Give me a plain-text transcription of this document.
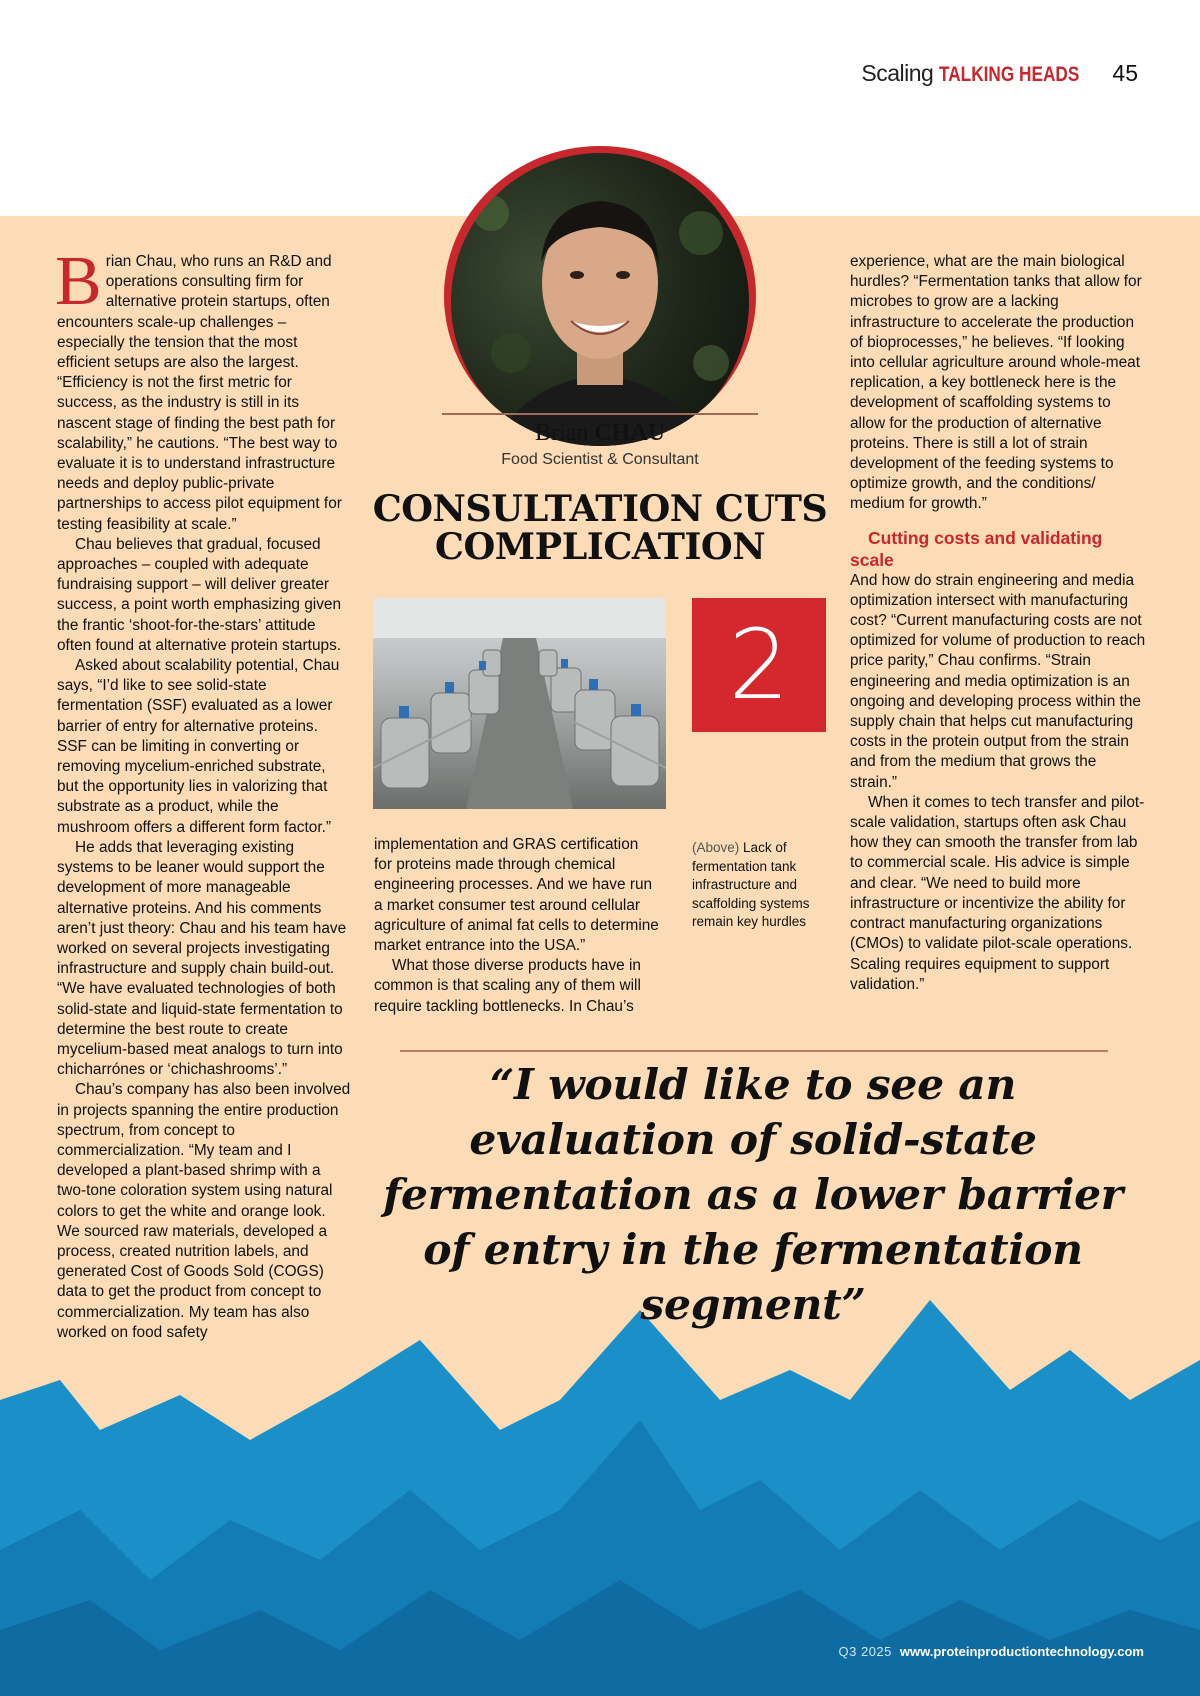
Scaling TALKING HEADS 45

Brian Chau, who runs an R&D and operations consulting firm for alternative protein startups, often encounters scale-up challenges – especially the tension that the most efficient setups are also the largest. “Efficiency is not the first metric for success, as the industry is still in its nascent stage of finding the best path for scalability,” he cautions. “The best way to evaluate it is to understand infrastructure needs and deploy public-private partnerships to access pilot equipment for testing feasibility at scale.”

Chau believes that gradual, focused approaches – coupled with adequate fundraising support – will deliver greater success, a point worth emphasizing given the frantic ‘shoot-for-the-stars’ attitude often found at alternative protein startups.

Asked about scalability potential, Chau says, “I’d like to see solid-state fermentation (SSF) evaluated as a lower barrier of entry for alternative proteins. SSF can be limiting in converting or removing mycelium-enriched substrate, but the opportunity lies in valorizing that substrate as a product, while the mushroom offers a different form factor.”

He adds that leveraging existing systems to be leaner would support the development of more manageable alternative proteins. And his comments aren’t just theory: Chau and his team have worked on several projects investigating infrastructure and supply chain build-out. “We have evaluated technologies of both solid-state and liquid-state fermentation to determine the best route to create mycelium-based meat analogs to turn into chicharrónes or ‘chichashrooms’.”

Chau’s company has also been involved in projects spanning the entire production spectrum, from concept to commercialization. “My team and I developed a plant-based shrimp with a two-tone coloration system using natural colors to get the white and orange look. We sourced raw materials, developed a process, created nutrition labels, and generated Cost of Goods Sold (COGS) data to get the product from concept to commercialization. My team has also worked on food safety

Brian CHAU
Food Scientist & Consultant
CONSULTATION CUTS
COMPLICATION
2
(Above) Lack of fermentation tank infrastructure and scaffolding systems remain key hurdles

implementation and GRAS certification for proteins made through chemical engineering processes. And we have run a market consumer test around cellular agriculture of animal fat cells to determine market entrance into the USA.”

What those diverse products have in common is that scaling any of them will require tackling bottlenecks. In Chau’s

experience, what are the main biological hurdles? “Fermentation tanks that allow for microbes to grow are a lacking infrastructure to accelerate the production of bioprocesses,” he believes. “If looking into cellular agriculture around whole-meat replication, a key bottleneck here is the development of scaffolding systems to allow for the production of alternative proteins. There is still a lot of strain development of the feeding systems to optimize growth, and the conditions/ medium for growth.”

Cutting costs and validating scale

And how do strain engineering and media optimization intersect with manufacturing cost? “Current manufacturing costs are not optimized for volume of production to reach price parity,” Chau confirms. “Strain engineering and media optimization is an ongoing and developing process within the supply chain that helps cut manufacturing costs in the protein output from the strain and from the medium that grows the strain.”

When it comes to tech transfer and pilot-scale validation, startups often ask Chau how they can smooth the transfer from lab to commercial scale. His advice is simple and clear. “We need to build more infrastructure or incentivize the ability for contract manufacturing organizations (CMOs) to validate pilot-scale operations. Scaling requires equipment to support validation.”

“I would like to see an evaluation of solid-state fermentation as a lower barrier of entry in the fermentation segment”
Q3 2025 www.proteinproductiontechnology.com
